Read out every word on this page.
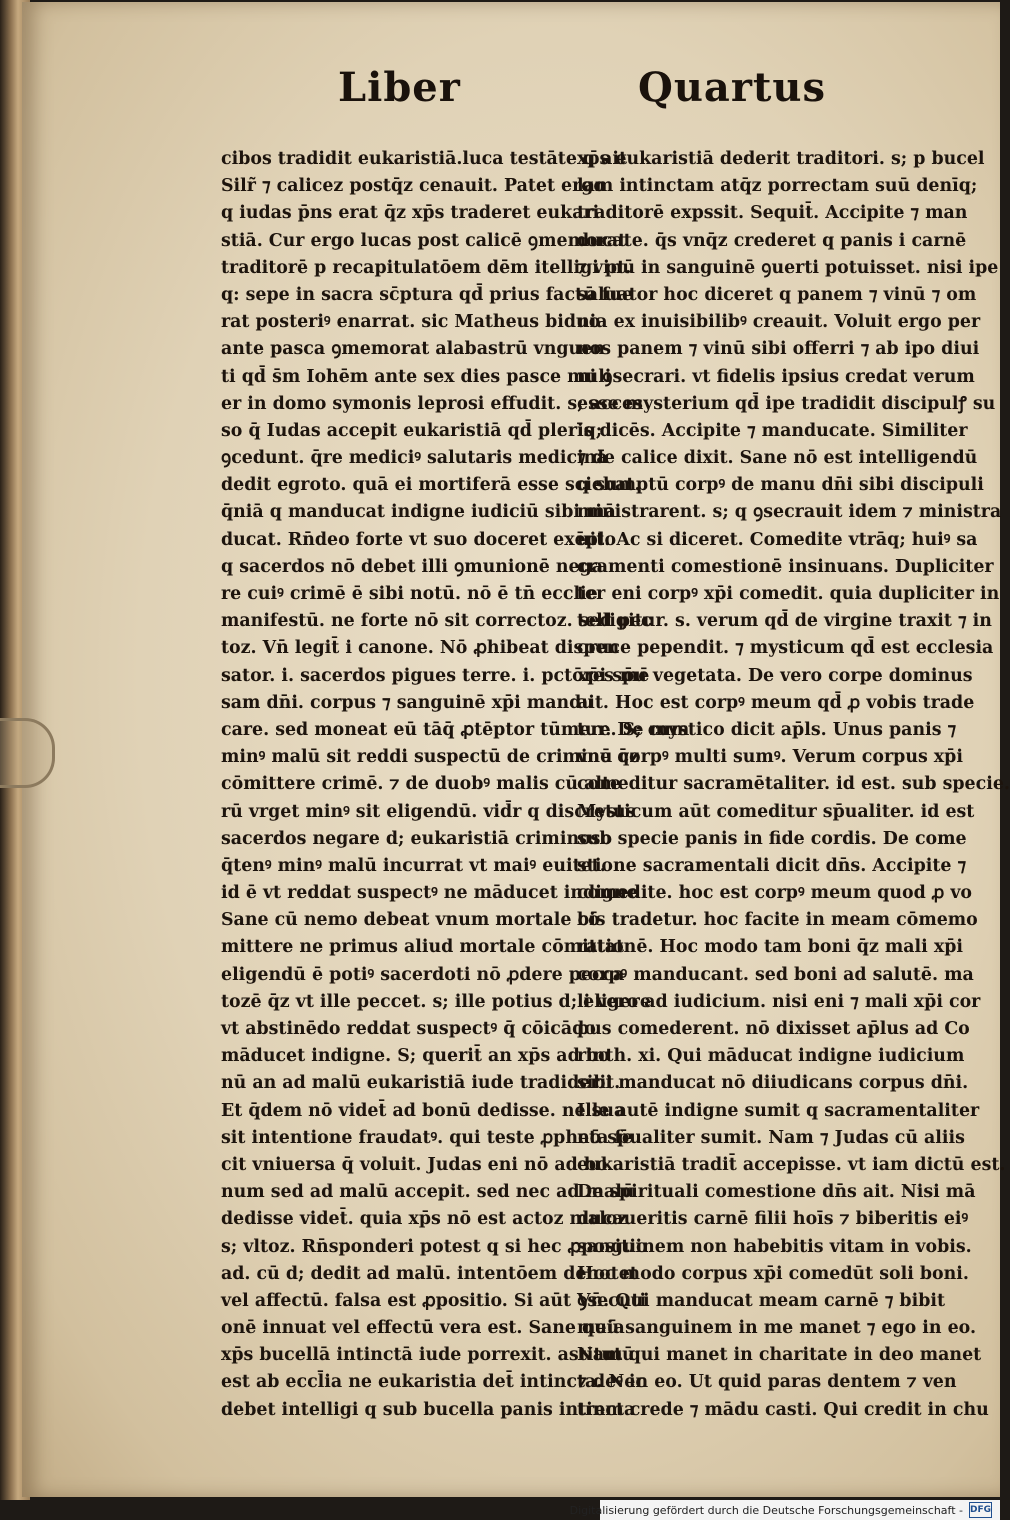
Liber	Quartus
cibos tradidit eukaristiā.luca testāte q ait
Silr̃ ⁊ calicez postq̄z cenauit. Patet ergo
q iudas p̄ns erat q̄z xp̄s traderet eukari
stiā. Cur ergo lucas post calicē ꝯmemorat
traditorē p recapitulatōem dēm itelligi pt.
q: sepe in sacra sc̄ptura qd̄ prius factū fue
rat posteriꝰ enarrat. sic Matheus biduo
ante pasca ꝯmemorat alabastrū vnguen
ti qd̄ s̄m Iohēm ante sex dies pasce muli
er in domo symonis leprosi effudit. s; acces
so q̄ Iudas accepit eukaristiā qd̄ plerīq;
ꝯcedunt. q̄re mediciꝰ salutaris medicinā
dedit egroto. quā ei mortiferā esse sciebat.
q̄niā q manducat indigne iudiciū sibi mā
ducat. Rn̄deo forte vt suo doceret exēplo
q sacerdos nō debet illi ꝯmunionē nega
re cuiꝰ crimē ē sibi notū. nō ē tn̄ ecclie
manifestū. ne forte nō sit correctoz. sed pec
toz. Vn̄ legit̄ i canone. Nō ꝓhibeat dispen
sator. i. sacerdos pigues terre. i. pctōres mē
sam dn̄i. corpus ⁊ sanguinē xp̄i mandu
care. sed moneat eū tāq̄ ꝓtēptor tūmere. S; cum
minꝰ malū sit reddi suspectū de crimine q̄z
cōmittere crimē. ⁊ de duobꝰ malis cū alte
rū vrget minꝰ sit eligendū. vid̄r q discretus
sacerdos negare d; eukaristiā criminoso
q̄tenꝰ minꝰ malū incurrat vt maiꝰ euitet.
id ē vt reddat suspectꝰ ne māducet indigne
Sane cū nemo debeat vnum mortale cō
mittere ne primus aliud mortale cōmittat
eligendū ē potiꝰ sacerdoti nō ꝓdere pecca
tozē q̄z vt ille peccet. s; ille potius d; eligere
vt abstinēdo reddat suspectꝰ q̄ cōicādo
māducet indigne. S; querit̄ an xp̄s ad bo
nū an ad malū eukaristiā iude tradiderit.
Et q̄dem nō videt̄ ad bonū dedisse. ne sua
sit intentione fraudatꝰ. qui teste ꝓpheta fe
cit vniuersa q̄ voluit. Judas eni nō ad bo
num sed ad malū accepit. sed nec ad malū
dedisse videt̄. quia xp̄s nō est actoz maloz
s; vltoz. Rn̄sponderi potest q si hec ꝓpositio
ad. cū d; dedit ad malū. intentōem denotet
vel affectū. falsa est ꝓpositio. Si aūt ꝯsecuti
onē innuat vel effectū vera est. Sane quia
xp̄s bucellā intinctā iude porrexit. astitutū
est ab eccl̄ia ne eukaristia det̄ intincta. Nec
debet intelligi q sub bucella panis intincta
xp̄s eukaristiā dederit traditori. s; p bucel
lam intinctam atq̄z porrectam suū denīq;
traditorē expssit. Sequit̄. Accipite ⁊ man
ducate. q̄s vnq̄z crederet q panis i carnē
⁊ vinū in sanguinē ꝯuerti potuisset. nisi ipe
saluator hoc diceret q panem ⁊ vinū ⁊ om
nia ex inuisibilibꝰ creauit. Voluit ergo per
nos panem ⁊ vinū sibi offerri ⁊ ab ipo diui
ni ꝯsecrari. vt fidelis ipsius credat verum
esse mysterium qd̄ ipe tradidit discipulꝭ su
is dicēs. Accipite ⁊ manducate. Similiter
⁊ de calice dixit. Sane nō est intelligendū
q sumptū corpꝰ de manu dn̄i sibi discipuli
ministrarent. s; q ꝯsecrauit idem ⁊ ministra
uit. Ac si diceret. Comedite vtrāq; huiꝰ sa
cramenti comestionē insinuans. Dupliciter
ter eni corpꝰ xp̄i comedit. quia dupliciter in
telligitur. s. verum qd̄ de virgine traxit ⁊ in
cruce pependit. ⁊ mysticum qd̄ est ecclesia
xp̄i sp̄u vegetata. De vero corpe dominus
ait. Hoc est corpꝰ meum qd̄ ꝓ vobis trade
tur. De mystico dicit ap̄ls. Unus panis ⁊
vnū corpꝰ multi sumꝰ. Verum corpus xp̄i
comeditur sacramētaliter. id est. sub specie.
Mysticum aūt comeditur sp̄ualiter. id est
sub specie panis in fide cordis. De come
stione sacramentali dicit dn̄s. Accipite ⁊
comedite. hoc est corpꝰ meum quod ꝓ vo
bis tradetur. hoc facite in meam cōmemo
rationē. Hoc modo tam boni q̄z mali xp̄i
corpꝰ manducant. sed boni ad salutē. ma
li vero ad iudicium. nisi eni ⁊ mali xp̄i cor
pus comederent. nō dixisset ap̄lus ad Co
rinth. xi. Qui māducat indigne iudicium
sibi manducat nō diiudicans corpus dn̄i.
Ille autē indigne sumit q sacramentaliter
nō sp̄ualiter sumit. Nam ⁊ Judas cū aliis
eukaristiā tradit̄ accepisse. vt iam dictū est.
De spirituali comestione dn̄s ait. Nisi mā
ducaueritis carnē filii hoīs ⁊ biberitis eiꝰ
sanguinem non habebitis vitam in vobis.
Hoc modo corpus xp̄i comedūt soli boni.
Vn̄. Qui manducat meam carnē ⁊ bibit
meū sanguinem in me manet ⁊ ego in eo.
Nam qui manet in charitate in deo manet
⁊ deꝰ in eo. Ut quid paras dentem ⁊ ven
trem crede ⁊ mādu casti. Qui credit in chu
Digitalisierung gefördert durch die Deutsche Forschungsgemeinschaft - DFG
